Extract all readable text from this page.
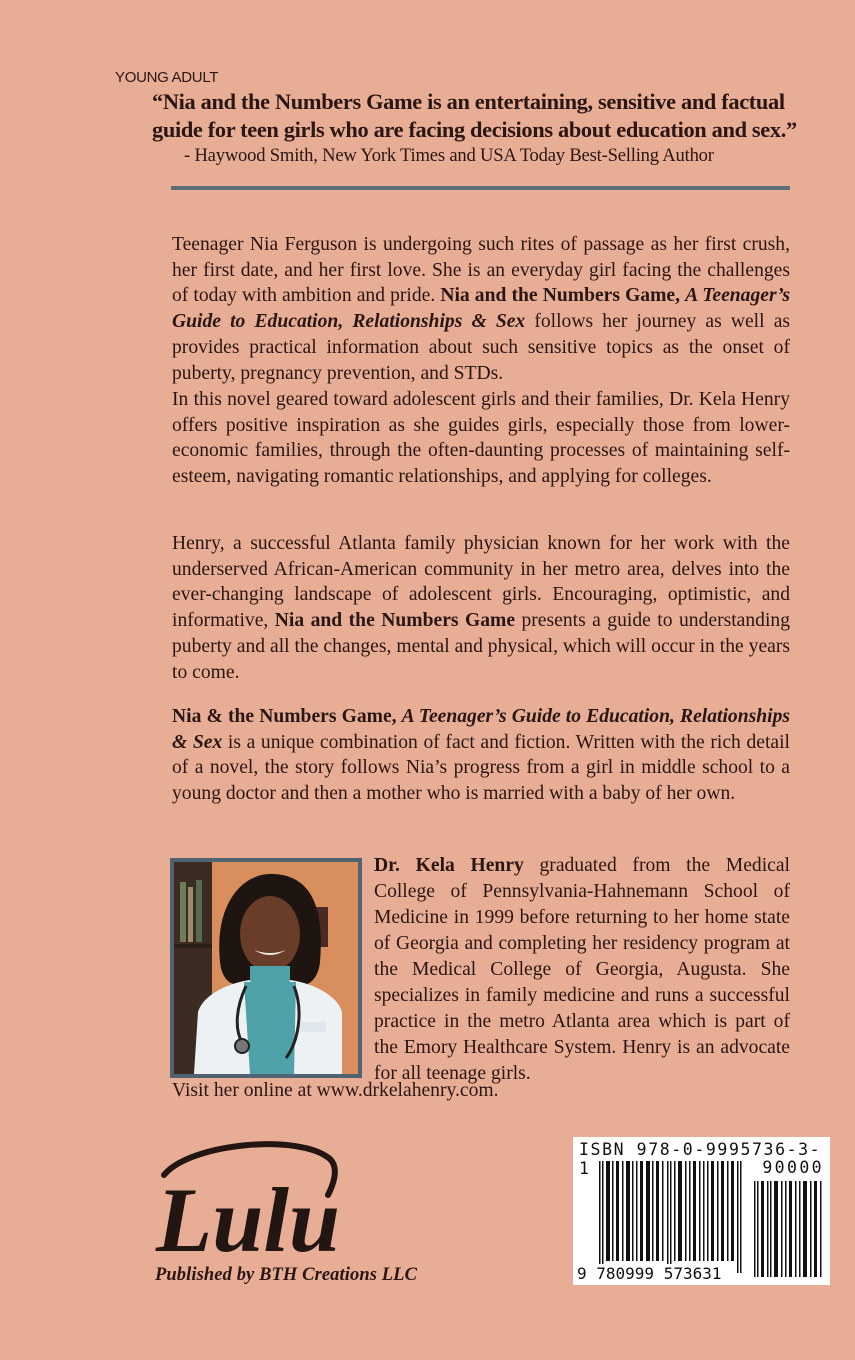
YOUNG ADULT
“Nia and the Numbers Game is an entertaining, sensitive and factual guide for teen girls who are facing decisions about education and sex.”
- Haywood Smith, New York Times and USA Today Best-Selling Author
Teenager Nia Ferguson is undergoing such rites of passage as her first crush, her first date, and her first love. She is an everyday girl facing the challenges of today with ambition and pride. Nia and the Numbers Game, A Teenager’s Guide to Education, Relationships & Sex follows her journey as well as provides practical information about such sensitive topics as the onset of puberty, pregnancy prevention, and STDs.
In this novel geared toward adolescent girls and their families, Dr. Kela Henry offers positive inspiration as she guides girls, especially those from lower-economic families, through the often-daunting processes of maintaining self-esteem, navigating romantic relationships, and applying for colleges.
Henry, a successful Atlanta family physician known for her work with the underserved African-American community in her metro area, delves into the ever-changing landscape of adolescent girls. Encouraging, optimistic, and informative, Nia and the Numbers Game presents a guide to understanding puberty and all the changes, mental and physical, which will occur in the years to come.
Nia & the Numbers Game, A Teenager’s Guide to Education, Relationships & Sex is a unique combination of fact and fiction. Written with the rich detail of a novel, the story follows Nia’s progress from a girl in middle school to a young doctor and then a mother who is married with a baby of her own.
Dr. Kela Henry graduated from the Medical College of Pennsylvania-Hahnemann School of Medicine in 1999 before returning to her home state of Georgia and completing her residency program at the Medical College of Georgia, Augusta. She specializes in family medicine and runs a successful practice in the metro Atlanta area which is part of the Emory Healthcare System. Henry is an advocate for all teenage girls.
Visit her online at www.drkelahenry.com.
Lulu
Published by BTH Creations LLC
ISBN 978-0-9995736-3-1	90000
9 780999 573631
